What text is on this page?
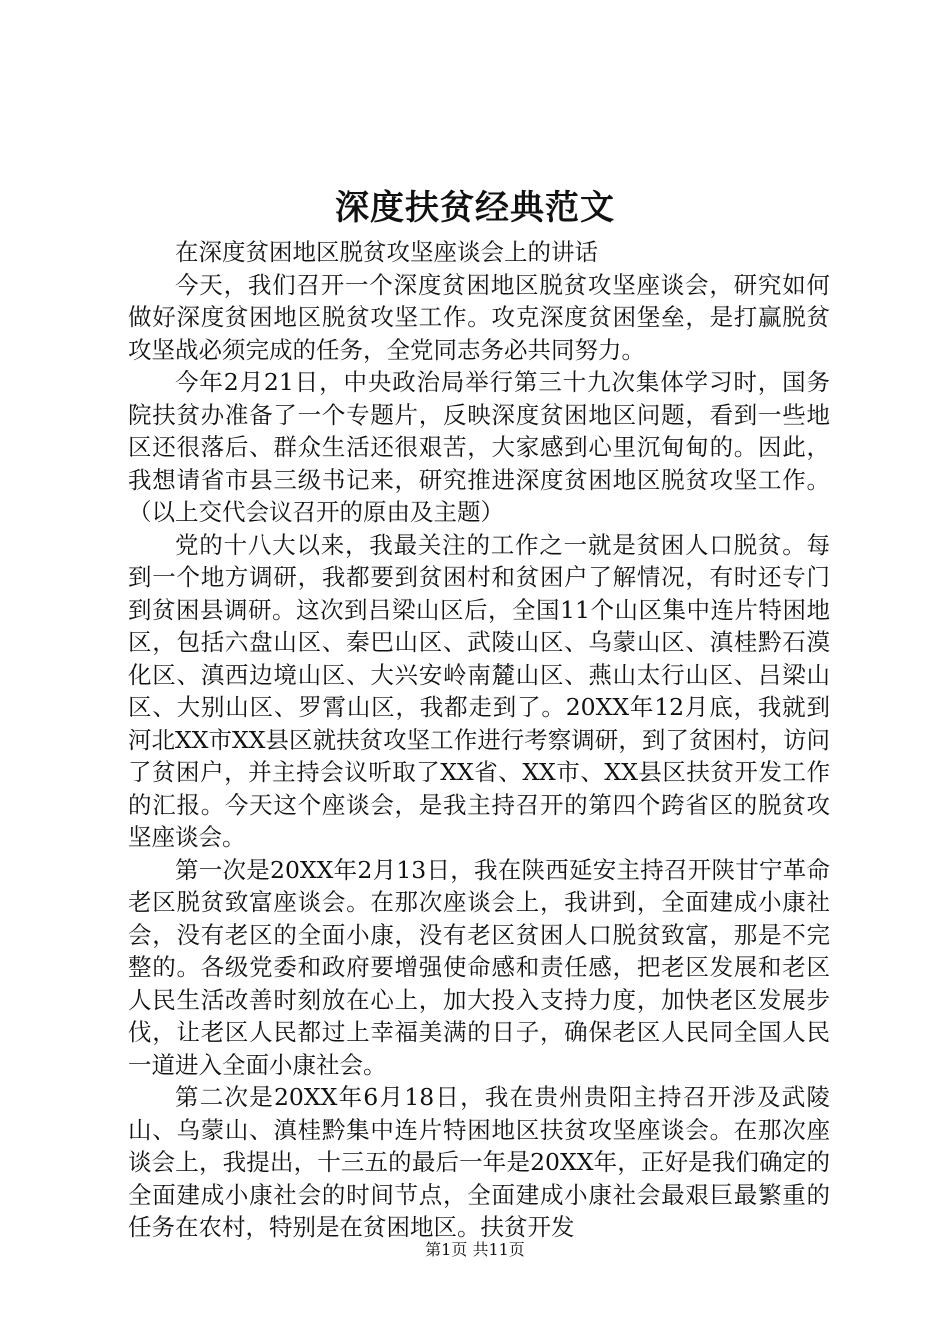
深度扶贫经典范文

在深度贫困地区脱贫攻坚座谈会上的讲话

今天，我们召开一个深度贫困地区脱贫攻坚座谈会，研究如何做好深度贫困地区脱贫攻坚工作。攻克深度贫困堡垒，是打赢脱贫攻坚战必须完成的任务，全党同志务必共同努力。

今年2月21日，中央政治局举行第三十九次集体学习时，国务院扶贫办准备了一个专题片，反映深度贫困地区问题，看到一些地区还很落后、群众生活还很艰苦，大家感到心里沉甸甸的。因此，我想请省市县三级书记来，研究推进深度贫困地区脱贫攻坚工作。（以上交代会议召开的原由及主题）

党的十八大以来，我最关注的工作之一就是贫困人口脱贫。每到一个地方调研，我都要到贫困村和贫困户了解情况，有时还专门到贫困县调研。这次到吕梁山区后，全国11个山区集中连片特困地区，包括六盘山区、秦巴山区、武陵山区、乌蒙山区、滇桂黔石漠化区、滇西边境山区、大兴安岭南麓山区、燕山太行山区、吕梁山区、大别山区、罗霄山区，我都走到了。20XX年12月底，我就到河北XX市XX县区就扶贫攻坚工作进行考察调研，到了贫困村，访问了贫困户，并主持会议听取了XX省、XX市、XX县区扶贫开发工作的汇报。今天这个座谈会，是我主持召开的第四个跨省区的脱贫攻坚座谈会。

第一次是20XX年2月13日，我在陕西延安主持召开陕甘宁革命老区脱贫致富座谈会。在那次座谈会上，我讲到，全面建成小康社会，没有老区的全面小康，没有老区贫困人口脱贫致富，那是不完整的。各级党委和政府要增强使命感和责任感，把老区发展和老区人民生活改善时刻放在心上，加大投入支持力度，加快老区发展步伐，让老区人民都过上幸福美满的日子，确保老区人民同全国人民一道进入全面小康社会。

第二次是20XX年6月18日，我在贵州贵阳主持召开涉及武陵山、乌蒙山、滇桂黔集中连片特困地区扶贫攻坚座谈会。在那次座谈会上，我提出，十三五的最后一年是20XX年，正好是我们确定的全面建成小康社会的时间节点，全面建成小康社会最艰巨最繁重的任务在农村，特别是在贫困地区。扶贫开发

第1页 共11页
